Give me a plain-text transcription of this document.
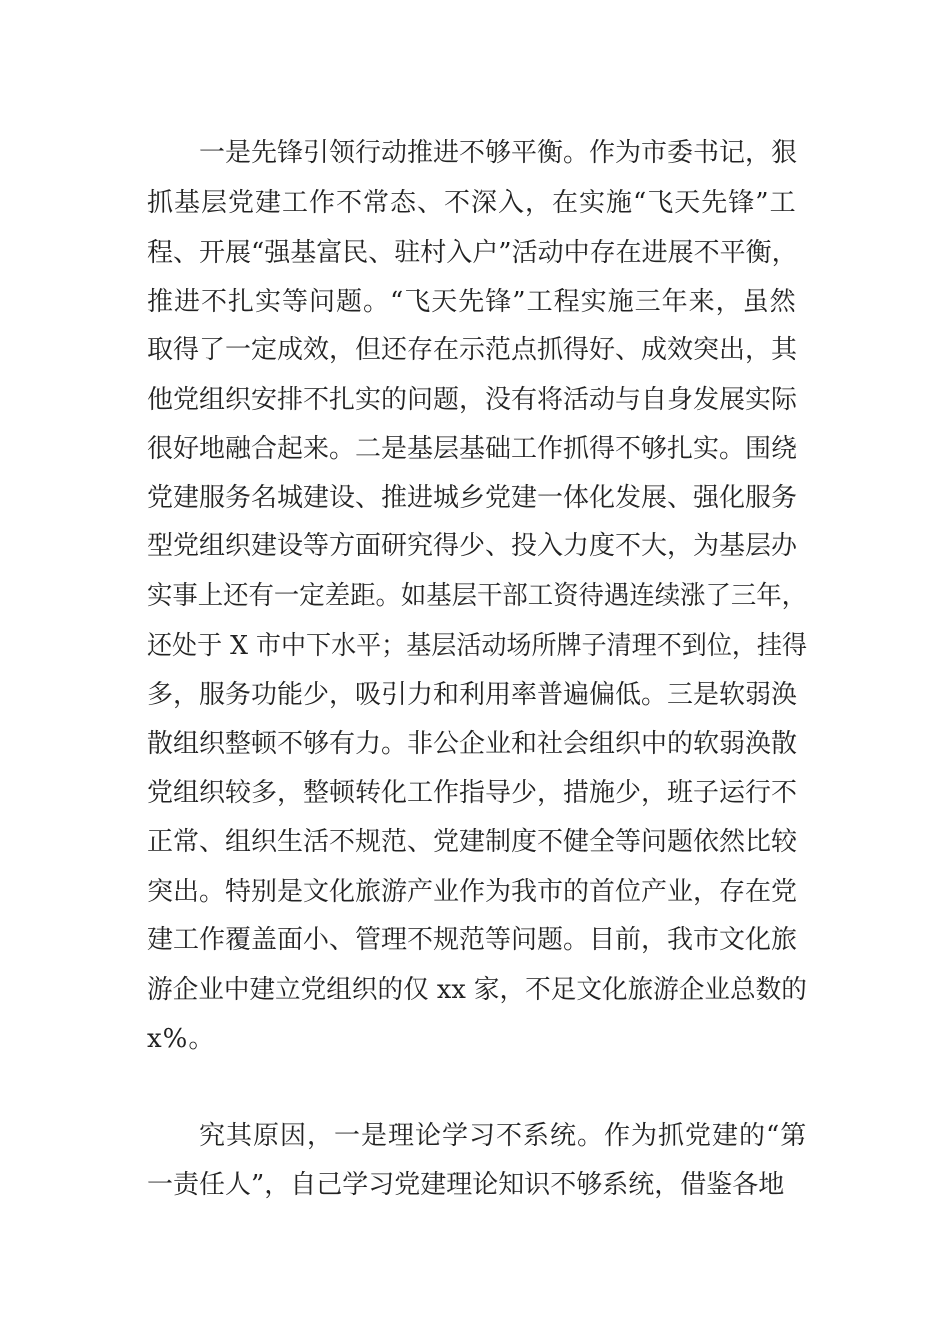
一是先锋引领行动推进不够平衡。作为市委书记，狠
抓基层党建工作不常态、不深入，在实施“飞天先锋”工
程、开展“强基富民、驻村入户”活动中存在进展不平衡，
推进不扎实等问题。“飞天先锋”工程实施三年来，虽然
取得了一定成效，但还存在示范点抓得好、成效突出，其
他党组织安排不扎实的问题，没有将活动与自身发展实际
很好地融合起来。二是基层基础工作抓得不够扎实。围绕
党建服务名城建设、推进城乡党建一体化发展、强化服务
型党组织建设等方面研究得少、投入力度不大，为基层办
实事上还有一定差距。如基层干部工资待遇连续涨了三年，
还处于 X 市中下水平；基层活动场所牌子清理不到位，挂得
多，服务功能少，吸引力和利用率普遍偏低。三是软弱涣
散组织整顿不够有力。非公企业和社会组织中的软弱涣散
党组织较多，整顿转化工作指导少，措施少，班子运行不
正常、组织生活不规范、党建制度不健全等问题依然比较
突出。特别是文化旅游产业作为我市的首位产业，存在党
建工作覆盖面小、管理不规范等问题。目前，我市文化旅
游企业中建立党组织的仅 xx 家，不足文化旅游企业总数的
x%。
究其原因，一是理论学习不系统。作为抓党建的“第
一责任人”，自己学习党建理论知识不够系统，借鉴各地
